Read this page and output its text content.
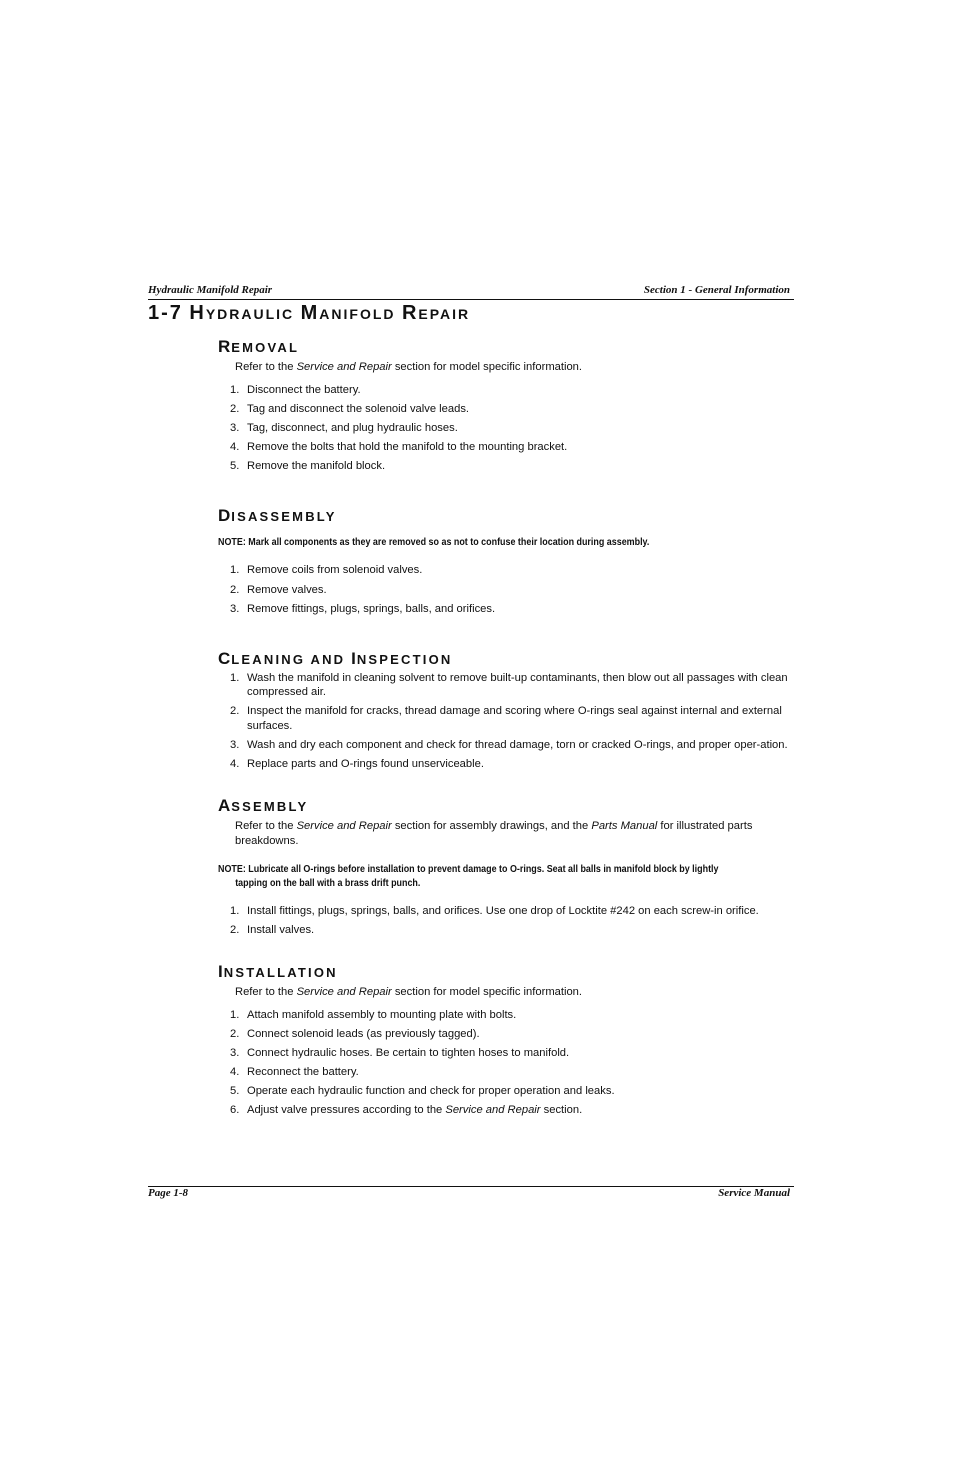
Hydraulic Manifold Repair	Section 1 - General Information
1-7 HYDRAULIC MANIFOLD REPAIR
REMOVAL

Refer to the Service and Repair section for model specific information.

1. Disconnect the battery.
2. Tag and disconnect the solenoid valve leads.
3. Tag, disconnect, and plug hydraulic hoses.
4. Remove the bolts that hold the manifold to the mounting bracket.
5. Remove the manifold block.
DISASSEMBLY

NOTE: Mark all components as they are removed so as not to confuse their location during assembly.

1. Remove coils from solenoid valves.
2. Remove valves.
3. Remove fittings, plugs, springs, balls, and orifices.
CLEANING AND INSPECTION
1. Wash the manifold in cleaning solvent to remove built-up contaminants, then blow out all passages with clean compressed air.
2. Inspect the manifold for cracks, thread damage and scoring where O-rings seal against internal and external surfaces.
3. Wash and dry each component and check for thread damage, torn or cracked O-rings, and proper oper-ation.
4. Replace parts and O-rings found unserviceable.
ASSEMBLY

Refer to the Service and Repair section for assembly drawings, and the Parts Manual for illustrated parts breakdowns.

NOTE: Lubricate all O-rings before installation to prevent damage to O-rings. Seat all balls in manifold block by lightly
tapping on the ball with a brass drift punch.

1. Install fittings, plugs, springs, balls, and orifices. Use one drop of Locktite #242 on each screw-in orifice.
2. Install valves.
INSTALLATION

Refer to the Service and Repair section for model specific information.

1. Attach manifold assembly to mounting plate with bolts.
2. Connect solenoid leads (as previously tagged).
3. Connect hydraulic hoses. Be certain to tighten hoses to manifold.
4. Reconnect the battery.
5. Operate each hydraulic function and check for proper operation and leaks.
6. Adjust valve pressures according to the Service and Repair section.
Page 1-8	Service Manual
